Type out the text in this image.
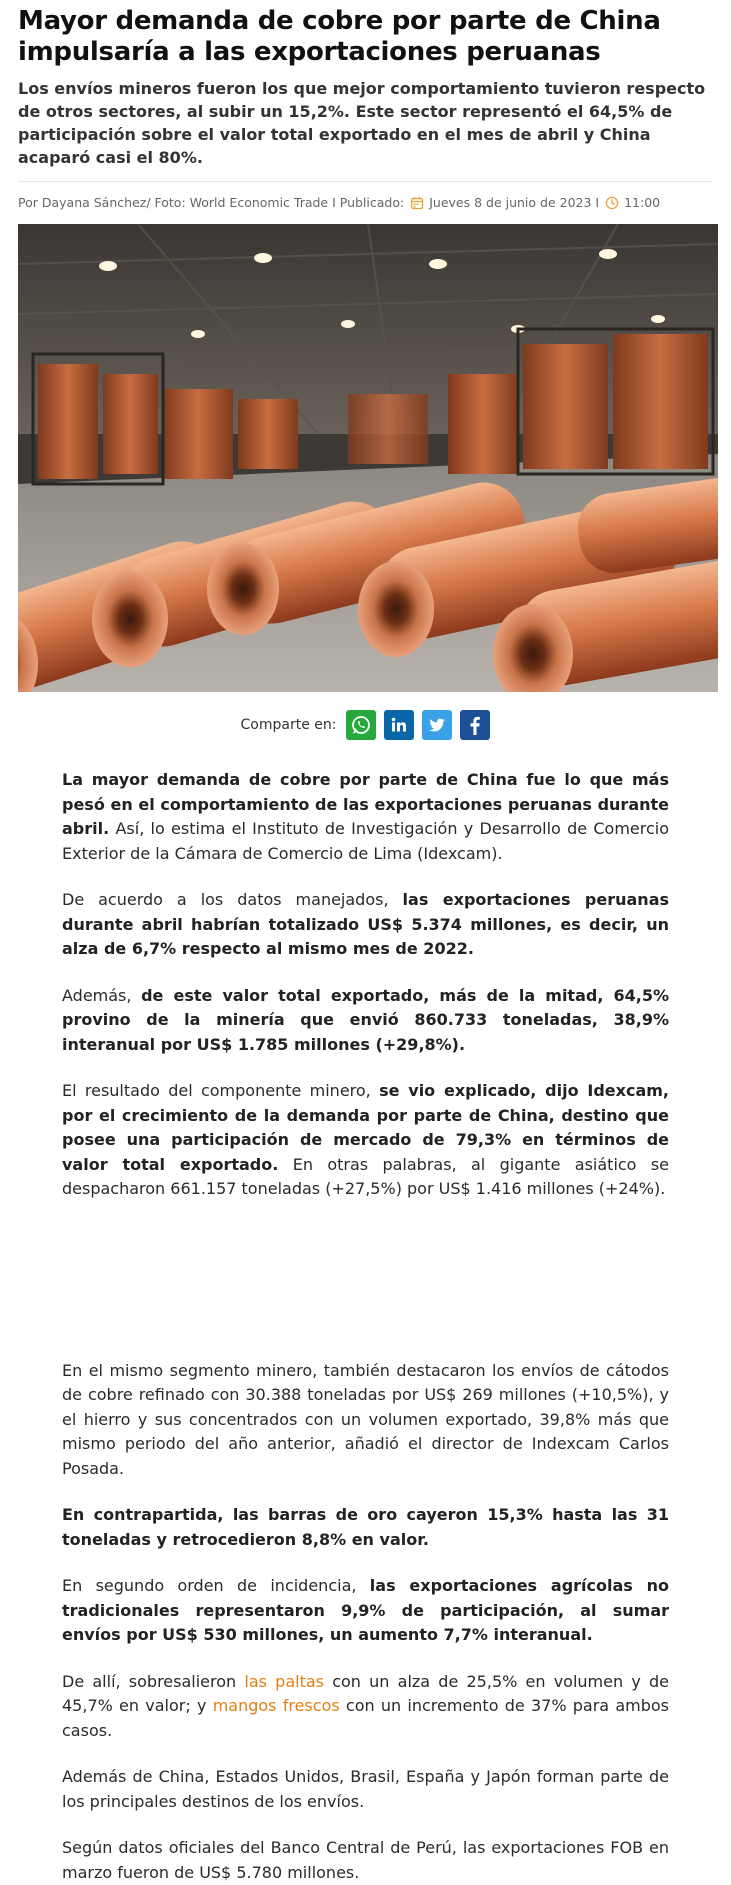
Mayor demanda de cobre por parte de China impulsaría a las exportaciones peruanas

Los envíos mineros fueron los que mejor comportamiento tuvieron respecto de otros sectores, al subir un 15,2%. Este sector representó el 64,5% de participación sobre el valor total exportado en el mes de abril y China acaparó casi el 80%.

Por Dayana Sánchez/ Foto: World Economic Trade I Publicado: Jueves 8 de junio de 2023 I 11:00
Comparte en:

La mayor demanda de cobre por parte de China fue lo que más pesó en el comportamiento de las exportaciones peruanas durante abril. Así, lo estima el Instituto de Investigación y Desarrollo de Comercio Exterior de la Cámara de Comercio de Lima (Idexcam).

De acuerdo a los datos manejados, las exportaciones peruanas durante abril habrían totalizado US$ 5.374 millones, es decir, un alza de 6,7% respecto al mismo mes de 2022.

Además, de este valor total exportado, más de la mitad, 64,5% provino de la minería que envió 860.733 toneladas, 38,9% interanual por US$ 1.785 millones (+29,8%).

El resultado del componente minero, se vio explicado, dijo Idexcam, por el crecimiento de la demanda por parte de China, destino que posee una participación de mercado de 79,3% en términos de valor total exportado. En otras palabras, al gigante asiático se despacharon 661.157 toneladas (+27,5%) por US$ 1.416 millones (+24%).

En el mismo segmento minero, también destacaron los envíos de cátodos de cobre refinado con 30.388 toneladas por US$ 269 millones (+10,5%), y el hierro y sus concentrados con un volumen exportado, 39,8% más que mismo periodo del año anterior, añadió el director de Indexcam Carlos Posada.

En contrapartida, las barras de oro cayeron 15,3% hasta las 31 toneladas y retrocedieron 8,8% en valor.

En segundo orden de incidencia, las exportaciones agrícolas no tradicionales representaron 9,9% de participación, al sumar envíos por US$ 530 millones, un aumento 7,7% interanual.

De allí, sobresalieron las paltas con un alza de 25,5% en volumen y de 45,7% en valor; y mangos frescos con un incremento de 37% para ambos casos.

Además de China, Estados Unidos, Brasil, España y Japón forman parte de los principales destinos de los envíos.

Según datos oficiales del Banco Central de Perú, las exportaciones FOB en marzo fueron de US$ 5.780 millones.
